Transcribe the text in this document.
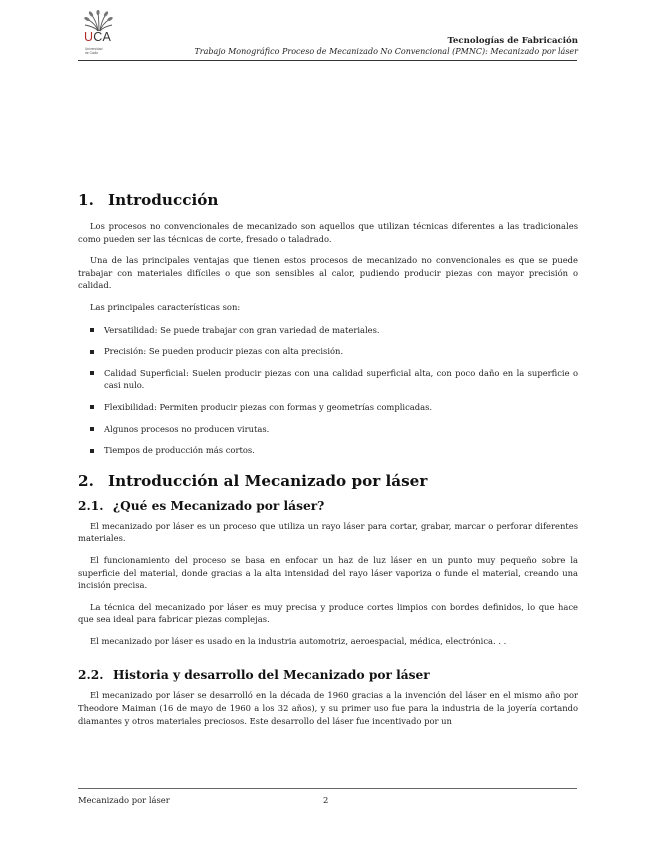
UCA
Universidad
de Cádiz
Tecnologías de Fabricación
Trabajo Monográfico Proceso de Mecanizado No Convencional (PMNC): Mecanizado por láser
1. Introducción

Los procesos no convencionales de mecanizado son aquellos que utilizan técnicas diferentes a las tradicionales como pueden ser las técnicas de corte, fresado o taladrado.

Una de las principales ventajas que tienen estos procesos de mecanizado no convencionales es que se puede trabajar con materiales difíciles o que son sensibles al calor, pudiendo producir piezas con mayor precisión o calidad.

Las principales características son:

Versatilidad: Se puede trabajar con gran variedad de materiales.
Precisión: Se pueden producir piezas con alta precisión.
Calidad Superficial: Suelen producir piezas con una calidad superficial alta, con poco daño en la superficie o casi nulo.
Flexibilidad: Permiten producir piezas con formas y geometrías complicadas.
Algunos procesos no producen virutas.
Tiempos de producción más cortos.
2. Introducción al Mecanizado por láser
2.1. ¿Qué es Mecanizado por láser?

El mecanizado por láser es un proceso que utiliza un rayo láser para cortar, grabar, marcar o perforar diferentes materiales.

El funcionamiento del proceso se basa en enfocar un haz de luz láser en un punto muy pequeño sobre la superficie del material, donde gracias a la alta intensidad del rayo láser vaporiza o funde el material, creando una incisión precisa.

La técnica del mecanizado por láser es muy precisa y produce cortes limpios con bordes definidos, lo que hace que sea ideal para fabricar piezas complejas.

El mecanizado por láser es usado en la industria automotriz, aeroespacial, médica, electrónica. . .

2.2. Historia y desarrollo del Mecanizado por láser

El mecanizado por láser se desarrolló en la década de 1960 gracias a la invención del láser en el mismo año por Theodore Maiman (16 de mayo de 1960 a los 32 años), y su primer uso fue para la industria de la joyería cortando diamantes y otros materiales preciosos. Este desarrollo del láser fue incentivado por un

Mecanizado por láser	2
